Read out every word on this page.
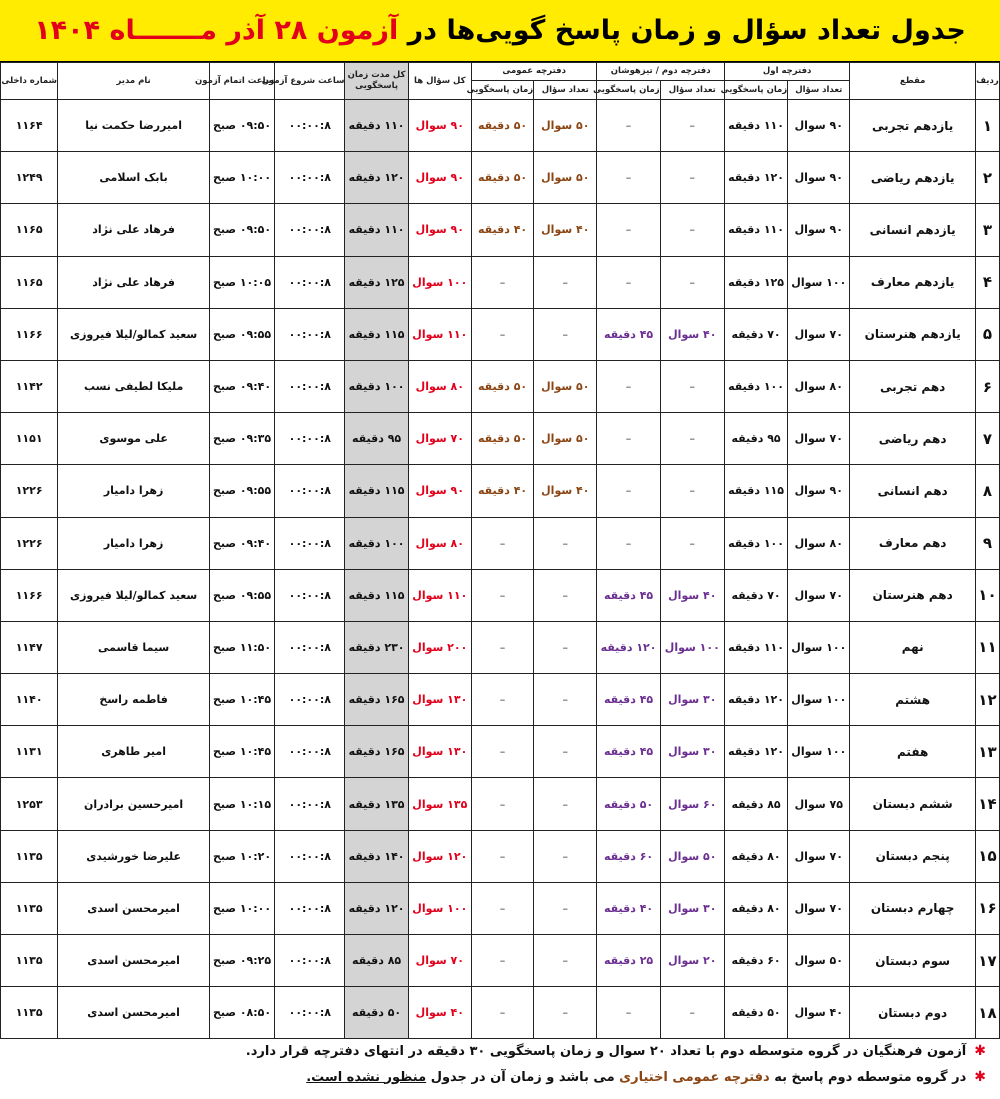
جدول تعداد سؤال و زمان پاسخ گویی‌ها در

آزمون ۲۸ آذر مـــــــاه ۱۴۰۴
ردیف	مقطع	دفترچه اول		دفترچه دوم / تیزهوشان		دفترچه عمومی		کل سؤال ها	کل مدت زمان پاسخگویی	ساعت شروع آزمون	ساعت اتمام آزمون	نام مدیر	شماره داخلی
		تعداد سؤال	زمان پاسخگویی	تعداد سؤال	زمان پاسخگویی	تعداد سؤال	زمان پاسخگویی						
۱	یازدهم تجربی	۹۰ سوال	۱۱۰ دقیقه	–	–	۵۰ سوال	۵۰ دقیقه	۹۰ سوال	۱۱۰ دقیقه	۰۰:۰۰:۸	۰۹:۵۰ صبح	امیررضا حکمت نیا	۱۱۶۴
۲	یازدهم ریاضی	۹۰ سوال	۱۲۰ دقیقه	–	–	۵۰ سوال	۵۰ دقیقه	۹۰ سوال	۱۲۰ دقیقه	۰۰:۰۰:۸	۱۰:۰۰ صبح	بابک اسلامی	۱۲۴۹
۳	یازدهم انسانی	۹۰ سوال	۱۱۰ دقیقه	–	–	۴۰ سوال	۴۰ دقیقه	۹۰ سوال	۱۱۰ دقیقه	۰۰:۰۰:۸	۰۹:۵۰ صبح	فرهاد علی نژاد	۱۱۶۵
۴	یازدهم معارف	۱۰۰ سوال	۱۲۵ دقیقه	–	–	–	–	۱۰۰ سوال	۱۲۵ دقیقه	۰۰:۰۰:۸	۱۰:۰۵ صبح	فرهاد علی نژاد	۱۱۶۵
۵	یازدهم هنرستان	۷۰ سوال	۷۰ دقیقه	۴۰ سوال	۴۵ دقیقه	–	–	۱۱۰ سوال	۱۱۵ دقیقه	۰۰:۰۰:۸	۰۹:۵۵ صبح	سعید کمالو/لیلا فیروزی	۱۱۶۶
۶	دهم تجربی	۸۰ سوال	۱۰۰ دقیقه	–	–	۵۰ سوال	۵۰ دقیقه	۸۰ سوال	۱۰۰ دقیقه	۰۰:۰۰:۸	۰۹:۴۰ صبح	ملیکا لطیفی نسب	۱۱۴۲
۷	دهم ریاضی	۷۰ سوال	۹۵ دقیقه	–	–	۵۰ سوال	۵۰ دقیقه	۷۰ سوال	۹۵ دقیقه	۰۰:۰۰:۸	۰۹:۳۵ صبح	علی موسوی	۱۱۵۱
۸	دهم انسانی	۹۰ سوال	۱۱۵ دقیقه	–	–	۴۰ سوال	۴۰ دقیقه	۹۰ سوال	۱۱۵ دقیقه	۰۰:۰۰:۸	۰۹:۵۵ صبح	زهرا دامیار	۱۲۲۶
۹	دهم معارف	۸۰ سوال	۱۰۰ دقیقه	–	–	–	–	۸۰ سوال	۱۰۰ دقیقه	۰۰:۰۰:۸	۰۹:۴۰ صبح	زهرا دامیار	۱۲۲۶
۱۰	دهم هنرستان	۷۰ سوال	۷۰ دقیقه	۴۰ سوال	۴۵ دقیقه	–	–	۱۱۰ سوال	۱۱۵ دقیقه	۰۰:۰۰:۸	۰۹:۵۵ صبح	سعید کمالو/لیلا فیروزی	۱۱۶۶
۱۱	نهم	۱۰۰ سوال	۱۱۰ دقیقه	۱۰۰ سوال	۱۲۰ دقیقه	–	–	۲۰۰ سوال	۲۳۰ دقیقه	۰۰:۰۰:۸	۱۱:۵۰ صبح	سیما قاسمی	۱۱۴۷
۱۲	هشتم	۱۰۰ سوال	۱۲۰ دقیقه	۳۰ سوال	۴۵ دقیقه	–	–	۱۳۰ سوال	۱۶۵ دقیقه	۰۰:۰۰:۸	۱۰:۴۵ صبح	فاطمه راسخ	۱۱۴۰
۱۳	هفتم	۱۰۰ سوال	۱۲۰ دقیقه	۳۰ سوال	۴۵ دقیقه	–	–	۱۳۰ سوال	۱۶۵ دقیقه	۰۰:۰۰:۸	۱۰:۴۵ صبح	امیر طاهری	۱۱۳۱
۱۴	ششم دبستان	۷۵ سوال	۸۵ دقیقه	۶۰ سوال	۵۰ دقیقه	–	–	۱۳۵ سوال	۱۳۵ دقیقه	۰۰:۰۰:۸	۱۰:۱۵ صبح	امیرحسین برادران	۱۲۵۳
۱۵	پنجم دبستان	۷۰ سوال	۸۰ دقیقه	۵۰ سوال	۶۰ دقیقه	–	–	۱۲۰ سوال	۱۴۰ دقیقه	۰۰:۰۰:۸	۱۰:۲۰ صبح	علیرضا خورشیدی	۱۱۳۵
۱۶	چهارم دبستان	۷۰ سوال	۸۰ دقیقه	۳۰ سوال	۴۰ دقیقه	–	–	۱۰۰ سوال	۱۲۰ دقیقه	۰۰:۰۰:۸	۱۰:۰۰ صبح	امیرمحسن اسدی	۱۱۳۵
۱۷	سوم دبستان	۵۰ سوال	۶۰ دقیقه	۲۰ سوال	۲۵ دقیقه	–	–	۷۰ سوال	۸۵ دقیقه	۰۰:۰۰:۸	۰۹:۲۵ صبح	امیرمحسن اسدی	۱۱۳۵
۱۸	دوم دبستان	۴۰ سوال	۵۰ دقیقه	–	–	–	–	۴۰ سوال	۵۰ دقیقه	۰۰:۰۰:۸	۰۸:۵۰ صبح	امیرمحسن اسدی	۱۱۳۵
✱
آزمون فرهنگیان در گروه متوسطه دوم با تعداد ۲۰ سوال و زمان پاسخگویی ۳۰ دقیقه در انتهای دفترچه قرار دارد.
✱
در گروه متوسطه دوم پاسخ به

دفترچه عمومی اختیاری

می باشد و زمان آن در جدول

منظور نشده است.
